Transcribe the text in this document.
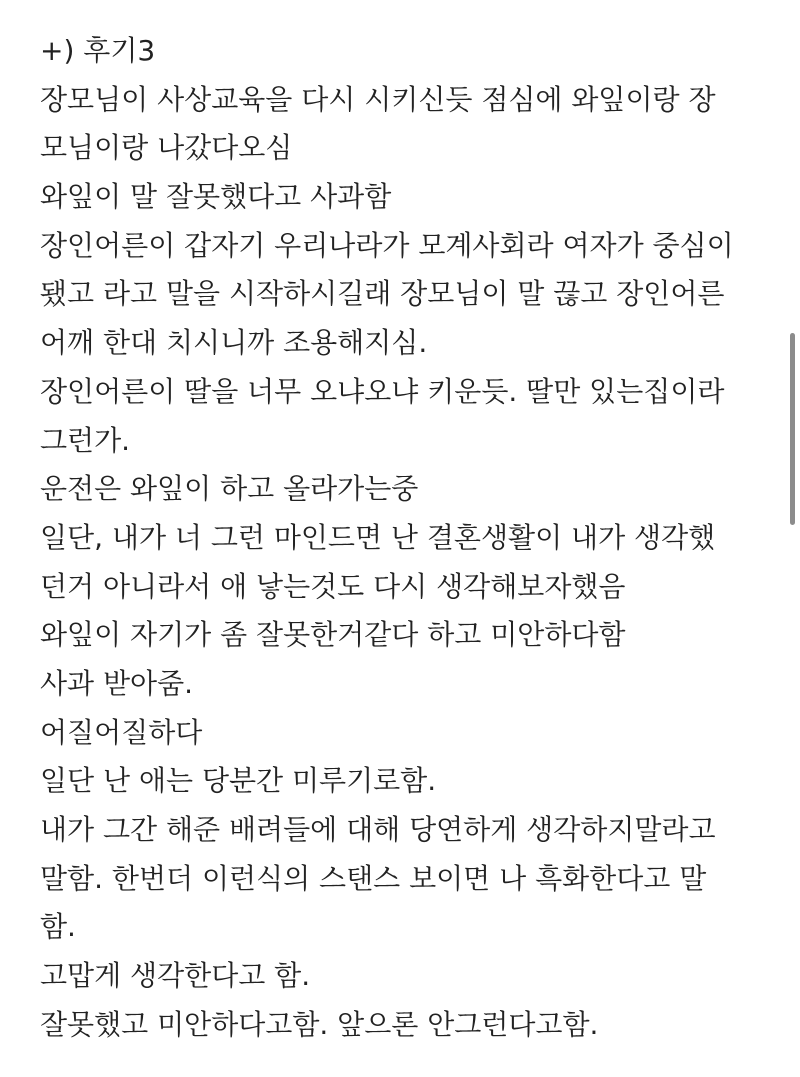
+) 후기3
장모님이 사상교육을 다시 시키신듯 점심에 와잎이랑 장
모님이랑 나갔다오심
와잎이 말 잘못했다고 사과함
장인어른이 갑자기 우리나라가 모계사회라 여자가 중심이
됐고 라고 말을 시작하시길래 장모님이 말 끊고 장인어른
어깨 한대 치시니까 조용해지심.
장인어른이 딸을 너무 오냐오냐 키운듯. 딸만 있는집이라
그런가.
운전은 와잎이 하고 올라가는중
일단, 내가 너 그런 마인드면 난 결혼생활이 내가 생각했
던거 아니라서 애 낳는것도 다시 생각해보자했음
와잎이 자기가 좀 잘못한거같다 하고 미안하다함
사과 받아줌.
어질어질하다
일단 난 애는 당분간 미루기로함.
내가 그간 해준 배려들에 대해 당연하게 생각하지말라고
말함. 한번더 이런식의 스탠스 보이면 나 흑화한다고 말
함.
고맙게 생각한다고 함.
잘못했고 미안하다고함. 앞으론 안그런다고함.
